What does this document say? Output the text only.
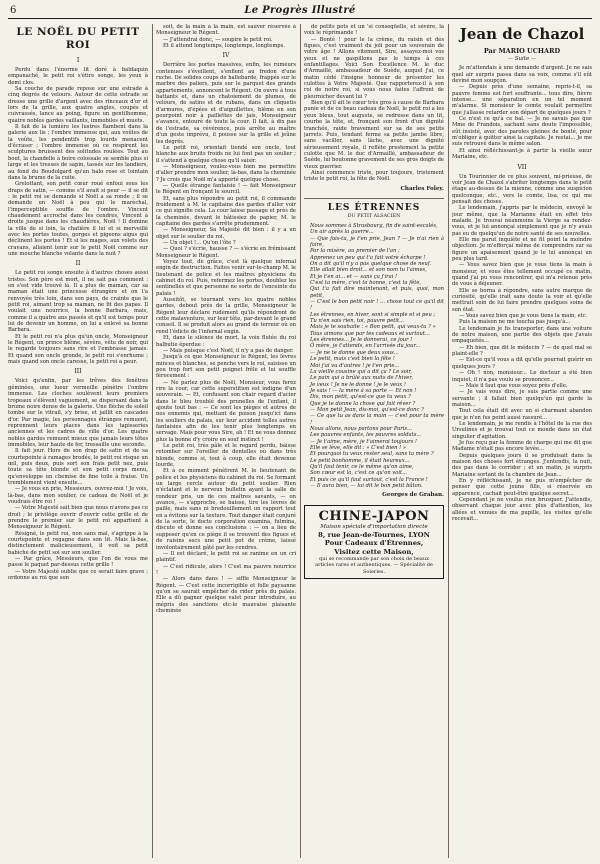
6	Le Progrès Illustré

LE NOËL DU PETIT ROI

I

Perdu dans l'énorme lit doré à baldaquin empanaché, le petit roi s'étire songe, les yeux à demi clos.

Sa couche de parade repose sur une estrade à cinq degrés de velours. Autour de cette estrade se dresse une grille d'argent avec des rinceaux d'or et lors de la grille, aux quatre angles, coupés et cuivrassés, lance au poing, figure un gentilhomme, quatre nobles gardes vaillants, immobiles et muets.

Il fait de la lumière les lustres flambent dans la galerie aux lis ; l'ombre immense qui, aux voûtes de la voûte, les pendentifs trop lourds menacent d'écraser ; l'ombre immense où ce respirent les sculptures bruissent des solitudes roulées. Tout au bout, la chandelle à boire colossale se semble plus si large et les tresses de sapin, tassés sur les landiers, au fond du Boudolgard qu'un halo rose et lointain dans la brume de la cuite.

Grelottant, son petit cœur roué enfoui sous les draps de satin, — comme s'il avait si peur — il se dit : le petit roi se demande si Noël a sa ronde ; il se demande un Noël à peu qui le maréchal, l'imperceptible souffle de l'ombre. Vincent chaudement accroché dans les cendres, Vincent à droite jusque dans les chaudières, Noël ! Il domine la ville de si loin, la chatière il lui et si merveillé avec les portes toutes, gorges et pigeons aigus qui déclinent les portes ! Et si les mages, aux volets des cravans, allaient tenir sur le petit Noël comme sur une mouche blanche volante dans la nuit ?

II

Le petit roi songe ensuite à d'autres choses aussi tristes. Son père est mort, il ne sait pas comment : on s'est vide trouvé là. Il a plus de maman, car sa maman était une princesse étrangère et on l'a renvoyée très loin, dans son pays, de crainte que le petit roi, aimant trop sa maman, ne fit des papas. Il voulait une nourrice, la bonne Barbara, mais, comme il a quatre ans passés et qu'il est temps pour lui de devenir un homme, on lui a enlevé sa bonne Barbara.

Et le petit roi n'a plus qu'un oncle, Monseigneur le Régent, un prince blême, sévère, vêtu de noir, qui le regarde toujours sans rire et l'embrasse jamais. Et quand son oncle gronde, le petit roi s'enrhume ; mais quand son oncle caresse, le petit roi a peur.

III

Voici qu'enfin, par les trêves des fenêtres géminées, une lueur vermeille pénètre l'ombre immense. Les cloches soulèvent leurs premiers tropeaux s'élèvent vaguement, se dispersant dans la brume noire dense de la galerie. Une flèche de soleil tombe sur le vitrail, s'y brise, et jaillit en cascades d'or. Par magie, les personnages étranges remuent, reprennent leurs places dans les tapisseries anciennes et les cadres de ville d'or. Les quatre nobles gardes remuent mieux que jamais leurs têtes immobiles, leur haute de fer, tressaille une seconde.

Il fait jour. Hors de son drap de satin et de sa courtepointe à ramages brodés, le petit roi risque un œil, puis deux, puis sort son frais petit nez, puis toute sa tête blonde et son petit corps menu, qu'enveloppe un chemise de fine toile à fraise. Un tremblement vient ensuite...

— Je vous en prie, Messieurs, ouvrez-moi ! Je vois, là-bas, dans mon soulier, ce cadeau de Noël et je voudrais être roi !

— Votre Majesté sait bien que nous n'avons pas ce droit ; le privilège ouvrir d'ouvrir cette grille et de prendre le premier sur le petit roi appartient à Monseigneur le Régent.

Résigné, le petit roi, non sans mal, s'agrippe à la courtepointe et regagne dans son lit. Mais là-bas, distinctement malicieusement, il voit sa petit babiche de petit soi sur son soulier.

— Par grâce, Messieurs, que l'on de vous me passe le paquet par-dessus cette grille !

— Votre Majesté oublie que ce serait faire grave ; ordonne au roi que son

soit, de la main à la main, est sauver réservée à Monseigneur le Régent.

— J'attendrai donc, — soupire le petit roi.

Et il attend longtemps, longtemps, longtemps.

IV

Derrière les portes massives, enfin, les rumeurs contenues s'éveillent, s'enflent au fredon d'une ruche. De solides coups de hallebarde, frappés sur le marbre des paliers, puis sur le parquet des grands appartements, annoncent le Régent. On ouvre à tous battants et, dans un chatoiement de plumes, de velours, de satins et de rubans, dans un cliquetis d'armures, d'épées et d'aiguillettes, blême en son pourpoint noir à paillettes de jais, Monseigneur s'avance, entouré de toute la cour. Il fait, à dix pas de l'estrade, sa révérence, puis arrête au maître d'un geste imprévu, il pousse sur la grille et jeûne les degrés.

Le petit roi, orientait tiendé son oncle, tout blanche aux bruits froids ne lui font pas un soulier ; il s'attend à quelque chose qu'il saisir.

— Monseigneur, voulez-vous bien me permettre d'aller prendre mon soulier, là-bas, dans la cheminée ? Je crois que Noël m'a apporté quelque chose.

— Quelle étrange fantaisie ! — fait Monseigneur le Régent en fronçant le sourcil.

Et, sans plus répondre au petit roi, il commande froidement à M. le capitaine des gardes d'aller voir ce qui signifie cela. La cour laisse passage et près de la cheminée, devant le bâtissiez de papier, M. le capitaine des gardes s'arrête prudemment.

— Monseigneur, Sa Majesté dit bien : il y a un objet sur le soulier du roi.

— Un objet !... Qu'on l'ôte ?

— Quoi ? s'écrie, hausse ? — s'écrie en frémissant Monseigneur le Régent.

Voyez tout, de grâce, c'est là quelque infernal engin de destruction. Faites venir sur-le-champ M. le lieutenant de police et les maîtres physiciens du cabinet du roi. Puis, refermez les portes, doublez les sentinelles et que personne ne sorte de l'enceinte du palais !

Aussitôt, se tournant vers les quatre nobles gardes, debout près de la grille, Monseigneur le Régent leur déclare rudement qu'ils répondront de cette malaventure, sur leur tête, par-devant le grand conseil. Il se produit alors au grand de terreur où on rend l'édicte de l'infernal engin.

Et, dans le silence de mort, la voix flutée du roi balbutie éperdue :

— Mais puisque c'est Noël, il n'y a pas de danger.

Jusqu'à ce que Monseigneur le Régent, les lèvres minces et blanches, se penche vers le roi, saisisse un pou trop fort son petit poignet frêle et lui souffle férocement :

— Ne parlez plus de Noël, Monsieur, vous ferez rire la cour, car cette superstition est indigne d'un souverain. — Et, confusant son chair regard d'acier dans le bleu troublé des prunelles de l'enfant, il ajoute tout bas : — Ce sont les pièges et autres de nos ennemis qui, mettant de poison jusqu'ici dans les souliers du palais, sur leur accident telles autres fantaisies afin de les tenir plus longtemps en servage. Mais pour vous Sire, ah ! Et ne vous donnez plus la bonne d'y croire en souf instinct !

Le petit roi, très pâle et le regard perdu, baisse retomber sur l'oreiller de dentelles où dans très blonde, comme si, tout à coup, elle était devenue lourde.

Et à ce moment pénètrent M. le lieutenant de police et les physiciens du cabinet du roi. Se formant un large cercle autour du petit soulier. Rien n'éclatant et le nerveux bulletin ayant la salle de rondeur pris, un de ces maîtres savants, — on avance, — s'approche, se baisse, tire les lèvres de paille, mais sans ni bredouillement un rapport tout en a évitons sur la texture. Tout danger était conjuré de la sorte, le docte corporation examina, fulmina, discute et donne ses conclusions : — on a lieu de supposer qu'en ce piège il se trouvent des figues et de raisins secs une petit pot de crème, laissé involontairement gâté par les cendres.

— Il est déclaré, le petit roi se ranime en un cri plaintif.

— C'est ridicule, alors ! C'est ma pauvre nourrice !

— Alors dans dans ! — siffle Monseigneur le Régent. — C'est cette incorrigible et folle paysanne qu'on se saurait empêcher de rider près du palais. Elle a dû gagner quelque valet pour introduire, au mépris des sanctions etc-le mauvaise plaisante cheminée

de petits pots et un 'si conseqüelle, et sévère, la voix le réprimande !

— Bonté ! pour le la crème, du raisin et des figues, c'est vraiment du joli pour un souverain de votre âge ! Allons vitement, Sire, assayez-moi vos yeux et ne gaspillons pas le temps à ces enfantillages. Voici Son Excellence M. le duc d'Armaillé, ambassadeur de Suède, auquel j'ai, ce matin cédé l'insigne honneur de présenter les culottes à Votre Majesté. Que rapporterez-il à son roi de notre roi, si vous nous faites l'affront de pleurnicher devant lui ?

Bien qu'il ait le cœur très gros à cause de Barbara punie et de ce beau cadeau de Noël, le petit roi a les yeux bleus, tout auguste, se redresse dans un lit, courbe la tête, et, fronçant son front d'un dignité tranchée, raide bravement sur sa de ses petits jarrets. Puis, tendant ferme sa petite jambe libre, sans vaciller, sans lâche, avec une dignité sérieusement royale, il reflète prestement la petite culotte que M. le duc d'Armaillé, ambassadeur de Suède, lui boutonne gravement de ses gros doigts de vieux guerrier.

Ainsi commence triste, pour toujours, tristement triste le petit roi, la fête de Noël.

Charles Foley.

LES ÉTRENNES

DU PETIT ALSACIEN

Nous sommes à Strasbourg, fin de saint-escalés,
Un air après la guerre...
— Que fais-tu, je t'en prie, Jean ? — Je n'ai rien à faire,
Par la misère, au premier de l'an ;
Apprenez un peu qui t'a fait votre écharpe !
On a dit qu'il n'y a pas quelque chose de neuf.
Elle allait bien droit... et son nom tu l'aimes,
Et je t'en ai... et — sans ça j'irai !
C'est ta mère, c'est ta bonne, c'est ta fête,
Qui t'a fait dire maintenant, et puis, quoi, mon petit,
— C'est le bon petit noir ! ... chose tout ce qu'il dit !
Les étrennes, en hiver, sont si simple et si peu ;
Tu n'en sais rien, toi, pauvre petit...
Mais je te souhaite : « Bon petit, qui veux-tu ? »
Tous aimons que par tes cadeaux et surtout...
Les étrennes... Je le donnerai, ce jour !
Ô mère, je t'attends, en l'arrivée du jour...
— Je ne te donne que deux sous...
Le petit, mais c'est bien la fête !
Moi j'ai vu d'autres ! je t'en prie...
La vieille cousine qui a dit ça ? Le soir,
Le pain qui a brûlé aux nuits de l'hiver,
Je veux ! Je ne le donne ! je le veux !
Je sais ! — la mère à sa porte — Et non !
Dis, mon petit, qu'est-ce que tu veux ?
Que je te donne la chose qui fait rêver ?
— Mon petit Jean, dis-moi, qu'est-ce donc ?
— Ce que tu as dans la main — c'est pour ta mère !
Nous allons, nous partons pour Paris...
Les pauvres enfants, les pauvres soldats...
— Je t'aime, mère, je t'aimerai toujours !
Elle se lève, elle dit : « C'est bien ! »
Et pourquoi tu veux rester seul, sans ta mère ?
Le petit bonhomme, il était heureux...
Qu'il faut tenir, ce le même qu'on aime,
Son cœur est là, c'est ce qu'on voit...
Et puis ce qu'il faut surtout, c'est la France !
— Il aura bien, — lui dit le bon petit bâton.

Georges de Graban.

CHINE-JAPON
Maison spéciale d'importation directe
8, rue Jean-de-Tournes, LYON
Pour Cadeaux d'Étrennes,
Visitez cette Maison,
qui se recommande par son choix de beaux articles rares et authentiques. — Spécialité de Soieries.

Jean de Chazol

Par MARIO UCHARD

— Suite —

Je m'attendais à une demande d'argent. Je ne sais quel air surpris passa dans sa voix, comme s'il eût deviné mon soupçon.

— Depuis près d'une semaine, repris-t-il, sa pauvre femme est fort souffrante... tous dire, fièvre intense... une séparation en un tel moment m'alarme. Si monsieur le comte voulait permettre que j'allasse retarder son départ de quelques jours ?

Ce n'est ce qu'à ce bal. — Je ne savais pas que Mme de Frandois, sachant sans doute l'impossible, eût insisté, avec des paroles pleines de bonté, pour m'obliger à quitter ainsi la capitale. Je restai... Je me suis retrouvé dans le même salon.

Et ainsi réfléchissant-je à partir la vieille sœur Mariaine, etc.

VII

Un Tourinnier de ce plus souvent, mi-prieuse, de voir Jean de Chazol s'abriter longtemps dans le petit étage au-dessus de la mienne, comme une suspicion quelconque, etc., vers le comte, lisa, ce qui me pensait des choses.

Le lendemain, j'appris par le médecin, envoyé le jour même, que la Marianne était en effet très malade. Je trouvai néanmoins la Vierge sa rendez-vous, et je lui annonçai simplement que je n'y avais pas eu de quelqu'un de notre santé de ses nouvelles.

Elle me parut inquiète et ne fit point la moindre objection. Je m'efforçai même de comprendre sur sa figure un apaisement quand je le lui annonçai un peu plus tard.

— Vous savez bien que je vous tiens la main à monsieur, et vous êtes tellement occupé ce matin, quand j'ai pu vous rencontrer, qui m'a retenue près de vous à déjeuner.

Elle se borna à répondre, sans autre marque de curiosité, qu'elle irait sans doute la voir et qu'elle mettrait soin de lui faire prendre quelques soins de son état.

— Vous savez bien que je vous tiens la main, etc.

Puis la maison ne me toucha pas jusqu'à...

Le lendemain je fis transporter, dans une voiture de notre maison, une partie des objets que j'avais empaquetés...

— Eh bien, que dit le médecin ? — de quel mal se plaint-elle ?

— Est-ce qu'il vous a dit qu'elle pourrait guérir en quelques jours ?

— Oh ! non, monsieur... Le docteur a été bien inquiet, il n'a pas voulu se prononcer...

— Mais il faut que vous soyez près d'elle.

— Je vais vous dire, je suis partie comme une servante ; il fallait bien quelqu'un qui garde la maison...

Tout cela était dit avec un si charmant abandon que je n'en fus point aussi rassuré...

Le lendemain, je me rendis à l'hôtel de la rue des Ursulines et je trouvai tout ce monde dans un état singulier d'agitation.

Je fus reçu par la femme de charge qui me dit que Madame n'était pas encore levée...

Depuis quelques jours il se produisait dans la maison des choses fort étranges. J'entendis, la nuit, des pas dans le corridor ; et un matin, je surpris Mariaine sortant de la chambre de Jean...

En y réfléchissant, je ne pus m'empêcher de penser que cette jeune fille, si réservée en apparence, cachait peut-être quelque secret...

Cependant je ne voulus rien brusquer. J'attendis, observant chaque jour avec plus d'attention, les allées et venues de ma pupille, les visites qu'elle recevait...
